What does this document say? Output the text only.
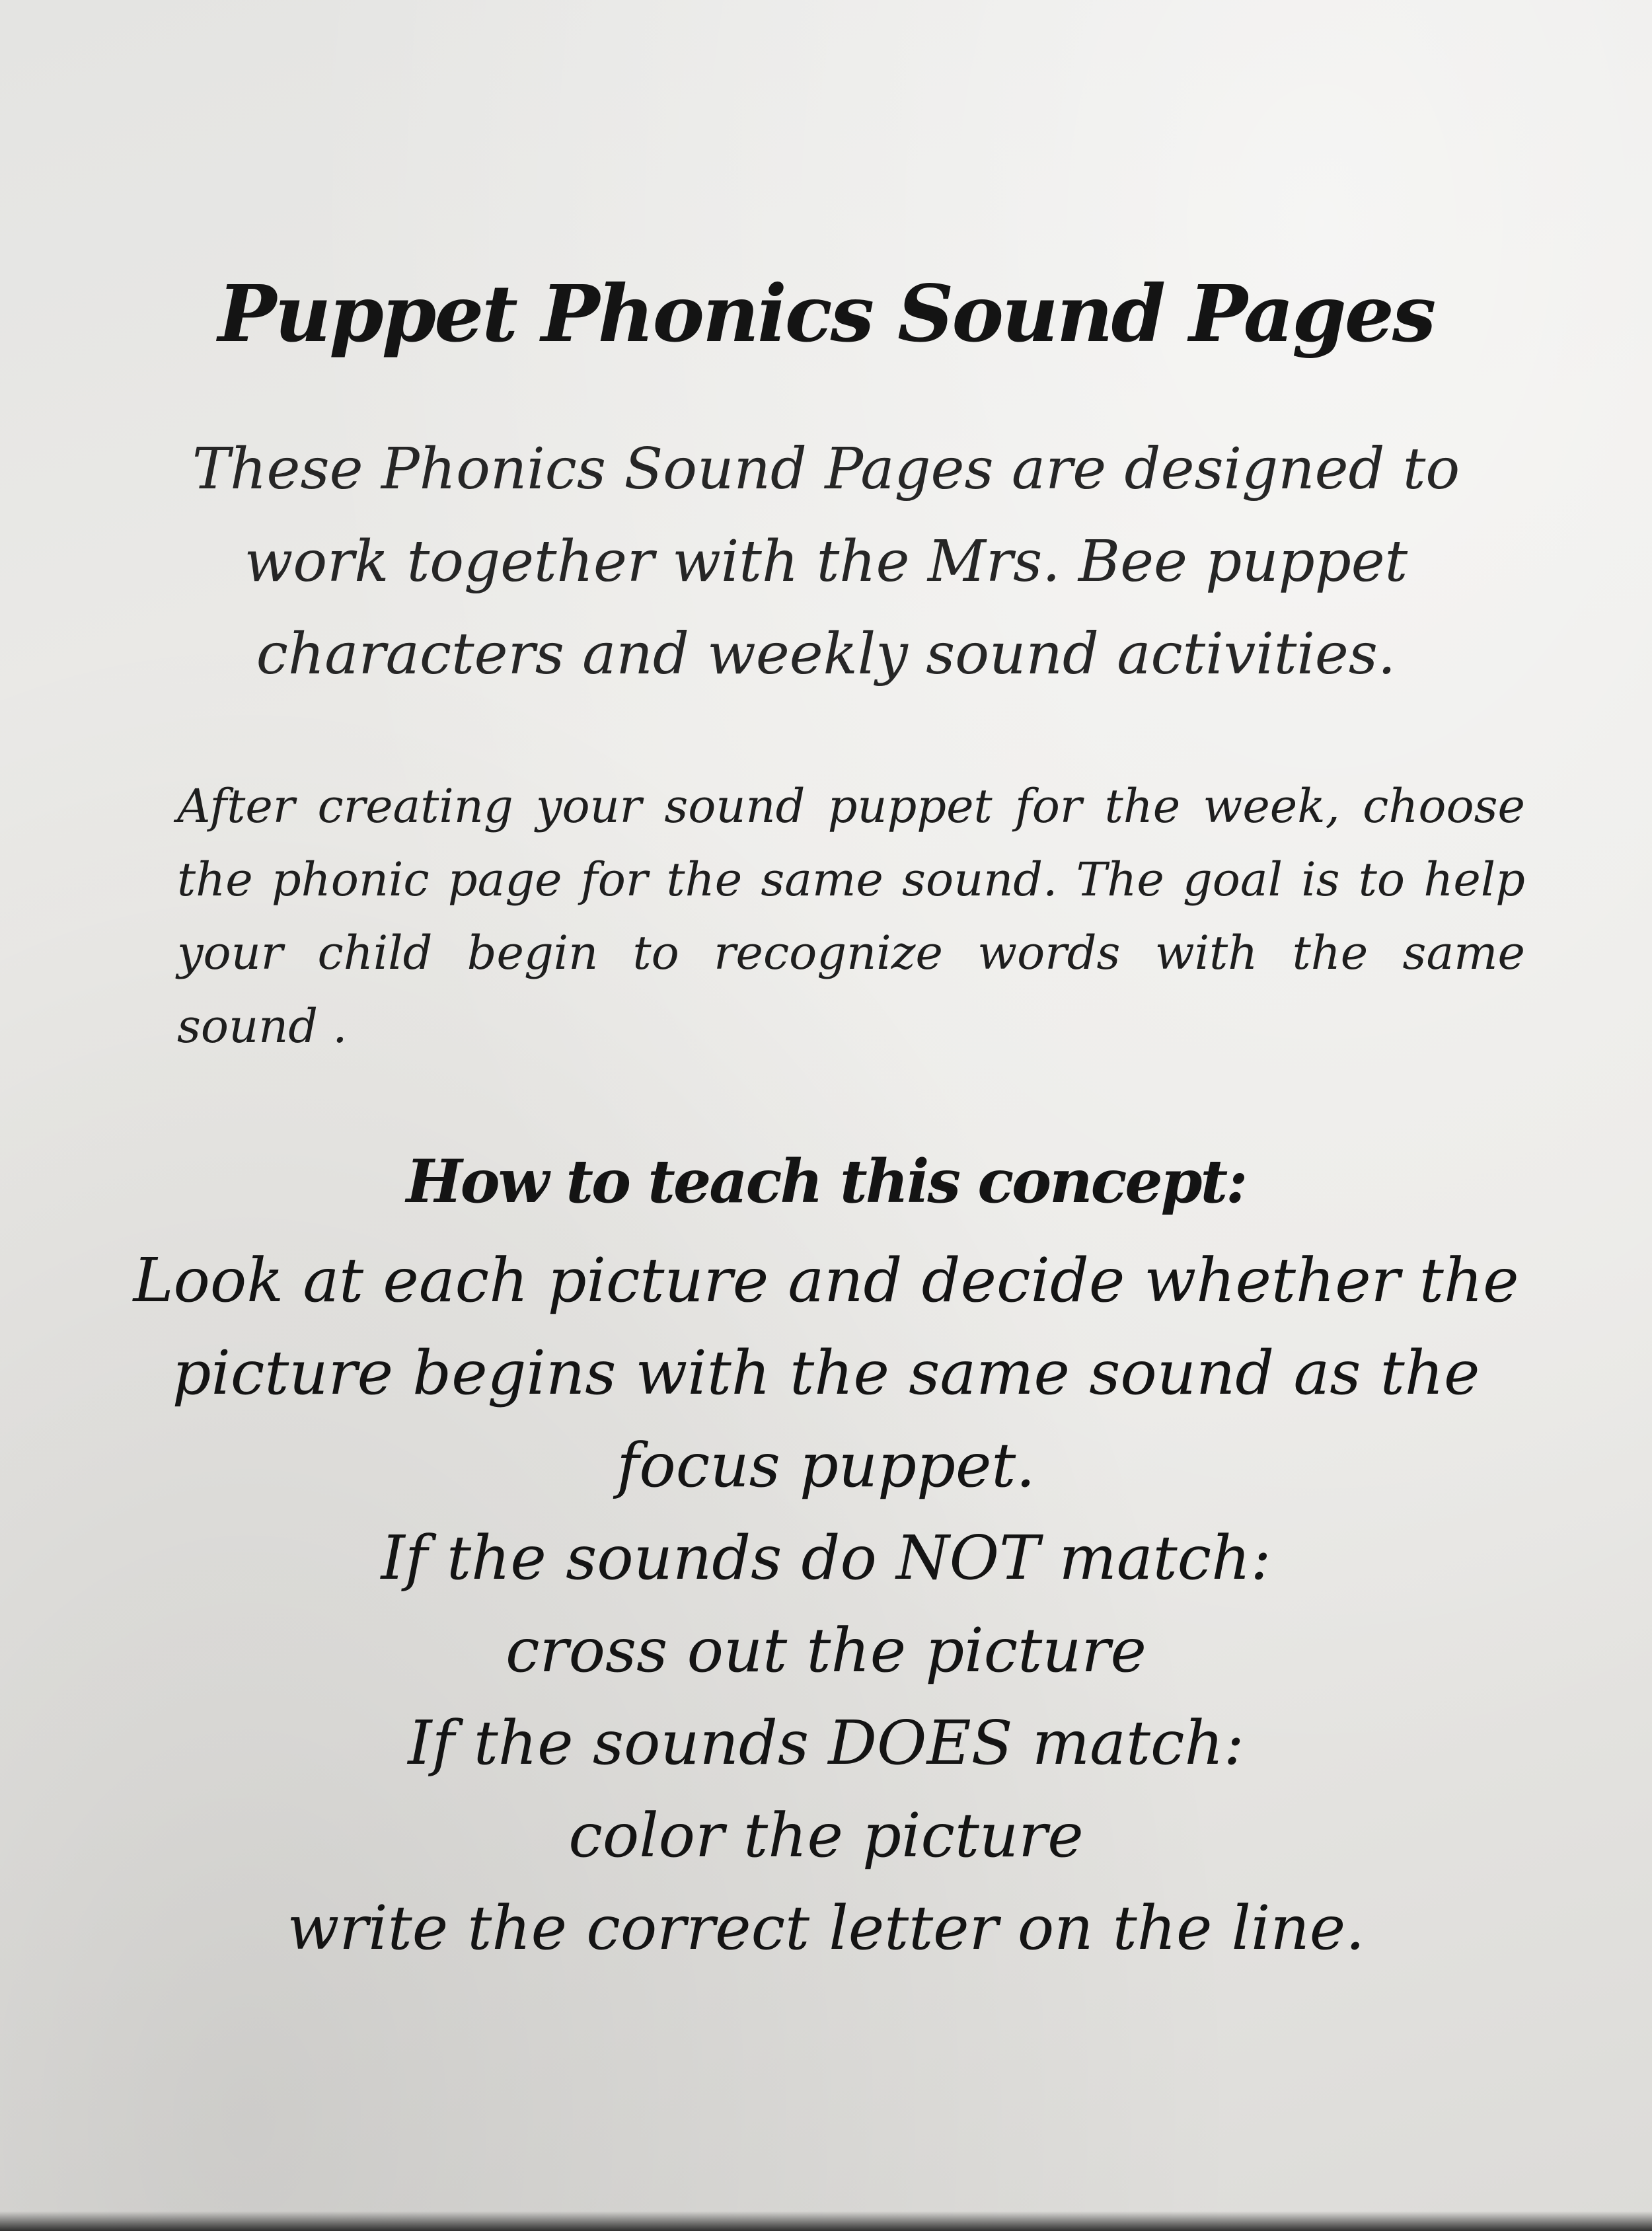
Puppet Phonics Sound Pages
These Phonics Sound Pages are designed to
work together with the Mrs. Bee puppet
characters and weekly sound activities.
After creating your sound puppet for the week, choose
the phonic page for the same sound. The goal is to help
your child begin to recognize words with the same
sound .
How to teach this concept:
Look at each picture and decide whether the
picture begins with the same sound as the
focus puppet.
If the sounds do NOT match:
cross out the picture
If the sounds DOES match:
color the picture
write the correct letter on the line.
